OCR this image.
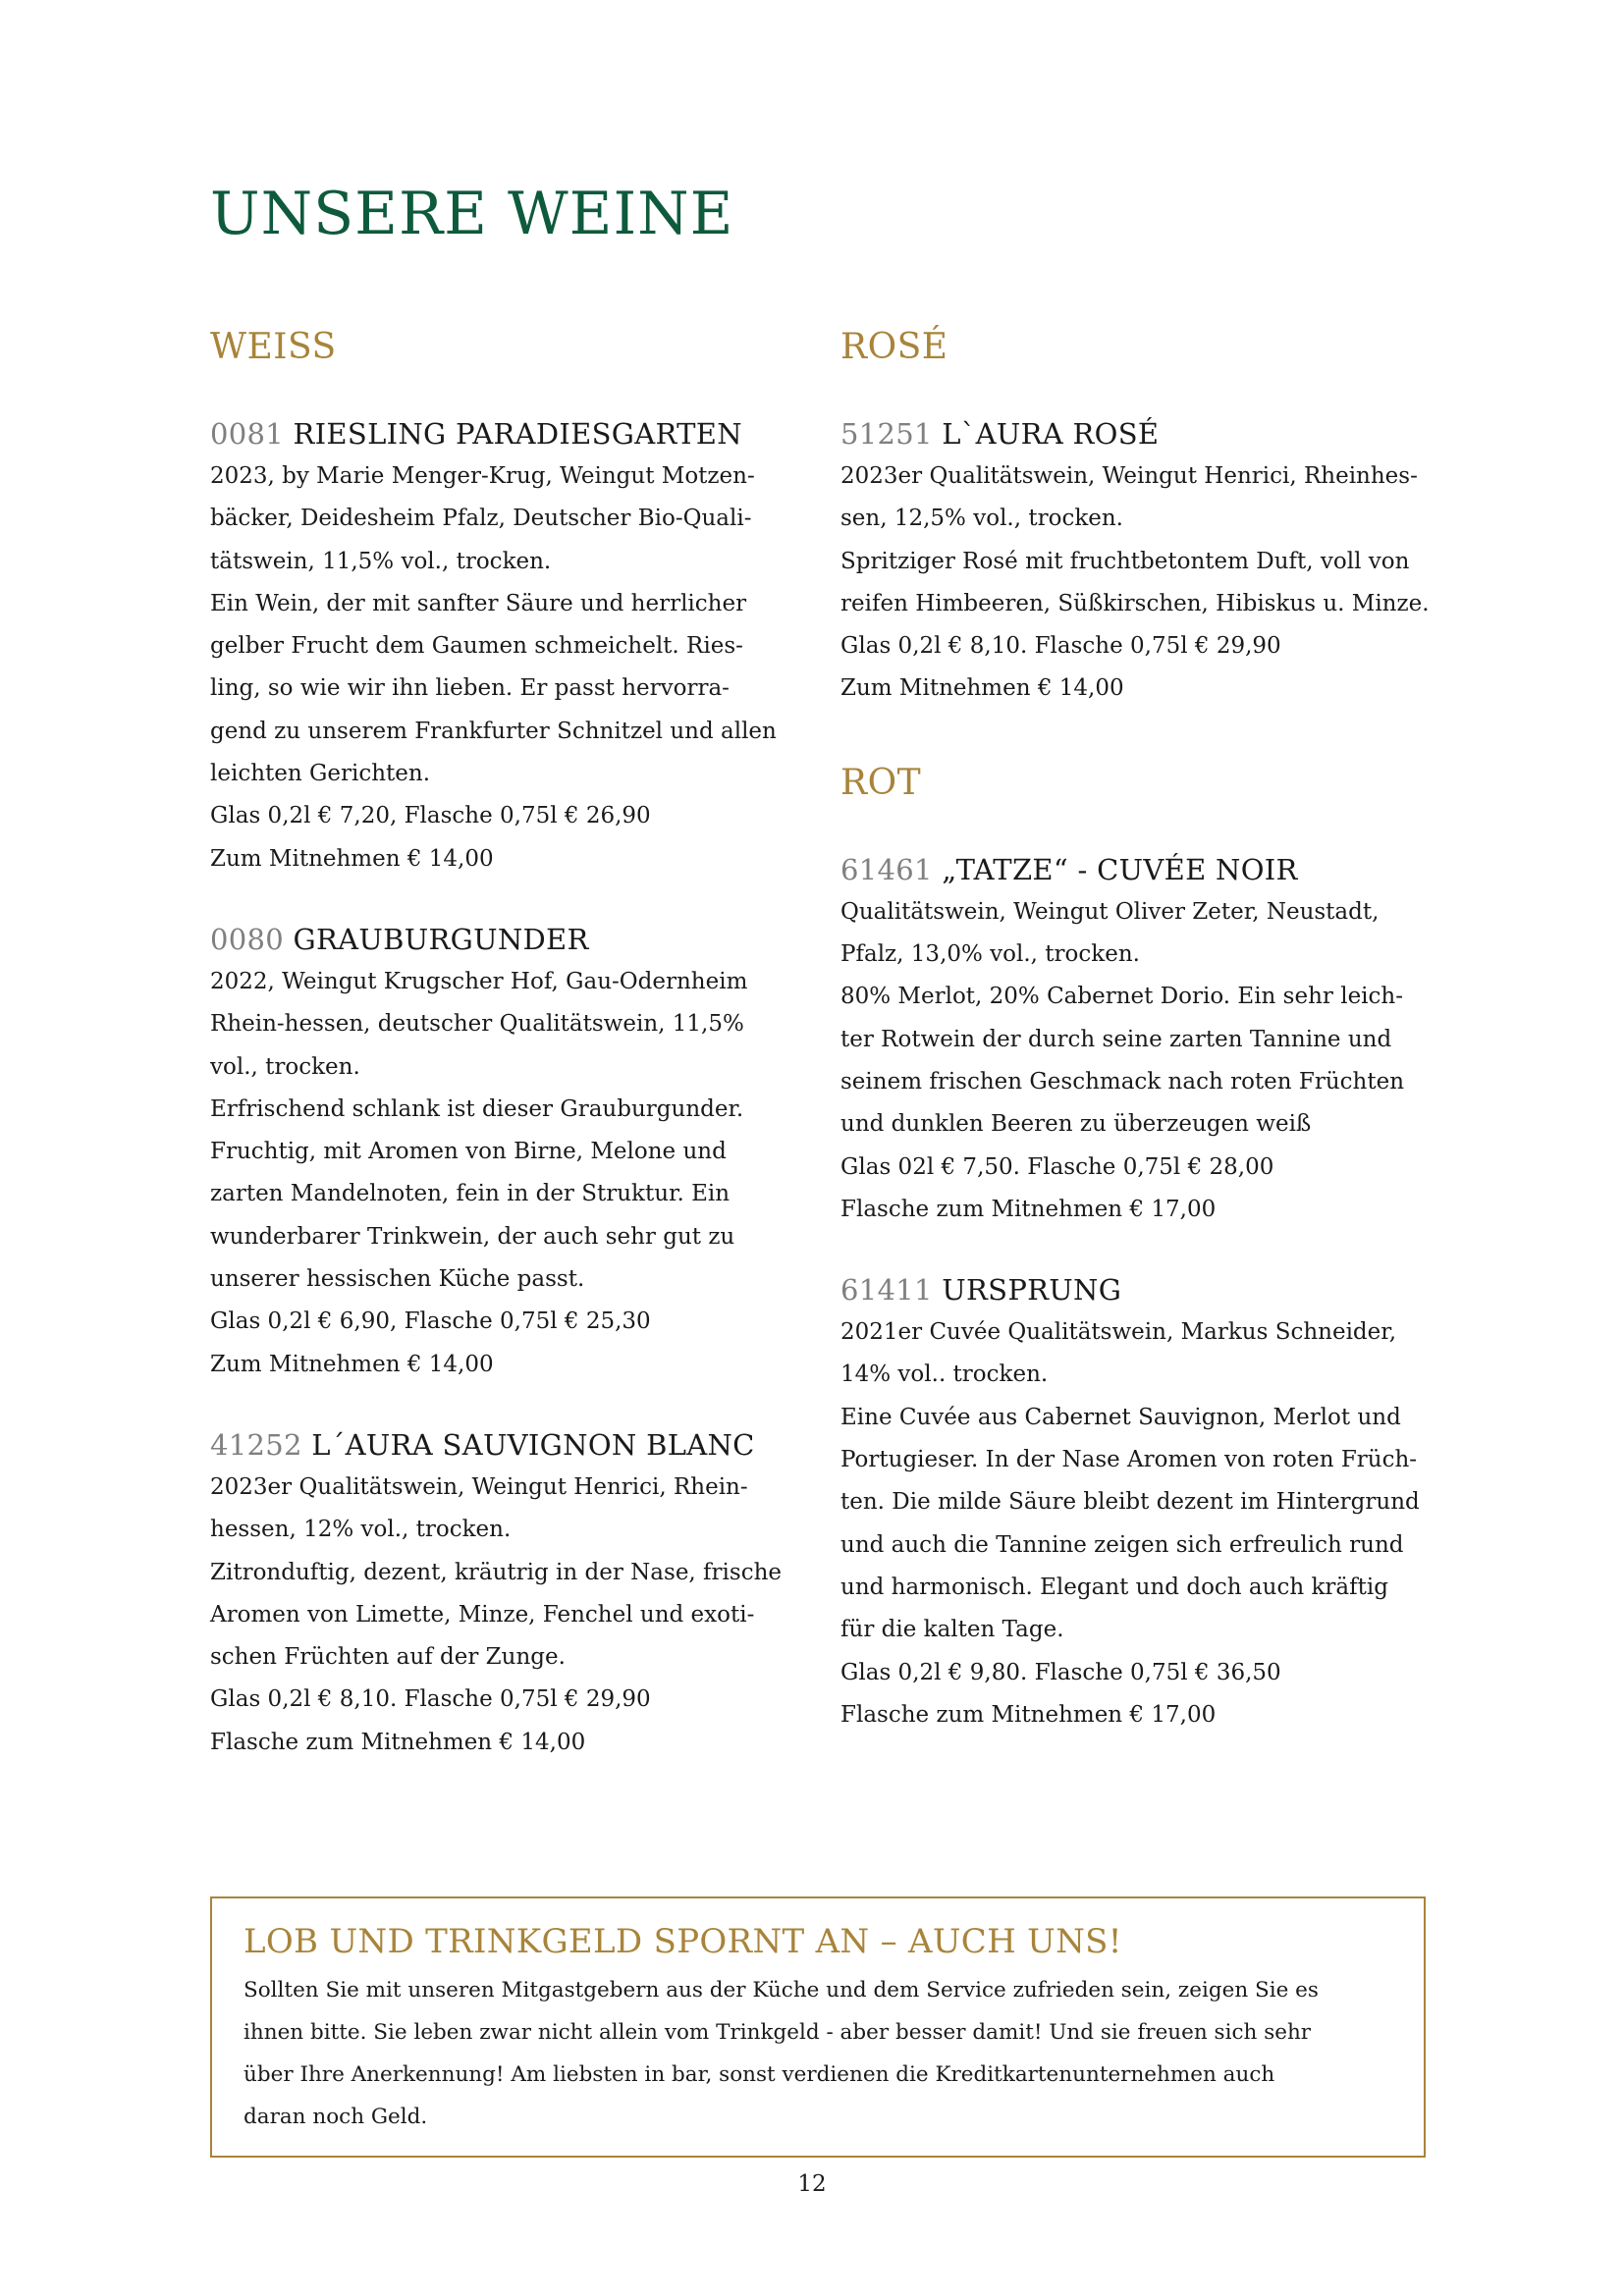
UNSERE WEINE
WEISS
0081 RIESLING PARADIESGARTEN
2023, by Marie Menger-Krug, Weingut Motzen-
bäcker, Deidesheim Pfalz, Deutscher Bio-Quali-
tätswein, 11,5% vol., trocken.
Ein Wein, der mit sanfter Säure und herrlicher
gelber Frucht dem Gaumen schmeichelt. Ries-
ling, so wie wir ihn lieben. Er passt hervorra-
gend zu unserem Frankfurter Schnitzel und allen
leichten Gerichten.
Glas 0,2l € 7,20, Flasche 0,75l € 26,90
Zum Mitnehmen € 14,00
0080 GRAUBURGUNDER
2022, Weingut Krugscher Hof, Gau-Odernheim
Rhein-hessen, deutscher Qualitätswein, 11,5%
vol., trocken.
Erfrischend schlank ist dieser Grauburgunder.
Fruchtig, mit Aromen von Birne, Melone und
zarten Mandelnoten, fein in der Struktur. Ein
wunderbarer Trinkwein, der auch sehr gut zu
unserer hessischen Küche passt.
Glas 0,2l € 6,90, Flasche 0,75l € 25,30
Zum Mitnehmen € 14,00
41252 L´AURA SAUVIGNON BLANC
2023er Qualitätswein, Weingut Henrici, Rhein-
hessen, 12% vol., trocken.
Zitronduftig, dezent, kräutrig in der Nase, frische
Aromen von Limette, Minze, Fenchel und exoti-
schen Früchten auf der Zunge.
Glas 0,2l € 8,10. Flasche 0,75l € 29,90
Flasche zum Mitnehmen € 14,00
ROSÉ
51251 L`AURA ROSÉ
2023er Qualitätswein, Weingut Henrici, Rheinhes-
sen, 12,5% vol., trocken.
Spritziger Rosé mit fruchtbetontem Duft, voll von
reifen Himbeeren, Süßkirschen, Hibiskus u. Minze.
Glas 0,2l € 8,10. Flasche 0,75l € 29,90
Zum Mitnehmen € 14,00
ROT
61461 „TATZE“ - CUVÉE NOIR
Qualitätswein, Weingut Oliver Zeter, Neustadt,
Pfalz, 13,0% vol., trocken.
80% Merlot, 20% Cabernet Dorio. Ein sehr leich-
ter Rotwein der durch seine zarten Tannine und
seinem frischen Geschmack nach roten Früchten
und dunklen Beeren zu überzeugen weiß
Glas 02l € 7,50. Flasche 0,75l € 28,00
Flasche zum Mitnehmen € 17,00
61411 URSPRUNG
2021er Cuvée Qualitätswein, Markus Schneider,
14% vol.. trocken.
Eine Cuvée aus Cabernet Sauvignon, Merlot und
Portugieser. In der Nase Aromen von roten Früch-
ten. Die milde Säure bleibt dezent im Hintergrund
und auch die Tannine zeigen sich erfreulich rund
und harmonisch. Elegant und doch auch kräftig
für die kalten Tage.
Glas 0,2l € 9,80. Flasche 0,75l € 36,50
Flasche zum Mitnehmen € 17,00
LOB UND TRINKGELD SPORNT AN – AUCH UNS!
Sollten Sie mit unseren Mitgastgebern aus der Küche und dem Service zufrieden sein, zeigen Sie es
ihnen bitte. Sie leben zwar nicht allein vom Trinkgeld - aber besser damit! Und sie freuen sich sehr
über Ihre Anerkennung! Am liebsten in bar, sonst verdienen die Kreditkartenunternehmen auch
daran noch Geld.
12
